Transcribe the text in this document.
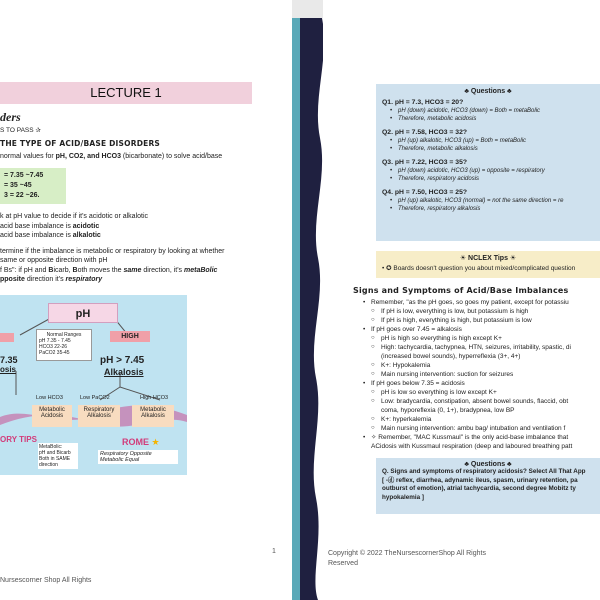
LECTURE 1
ders
S TO PASS ✰
THE TYPE OF ACID/BASE DISORDERS
normal values for pH, CO2, and HCO3 (bicarbonate) to solve acid/base
= 7.35 ~7.45
= 35 ~45
3 = 22 ~26.
k at pH value to decide if it's acidotic or alkalotic
acid base imbalance is acidotic
acid base imbalance is alkalotic
termine if the imbalance is metabolic or respiratory by looking at whether
same or opposite direction with pH
f Bs": if pH and Bicarb, Both moves the same direction, it's metaBolic
pposite direction it's respiratory
pH
HIGH
Normal Ranges
pH 7.35 - 7.45
HCO3 22-26
PaCO2 35-45
7.35
osis
pH > 7.45
Alkalosis
Low HCO3	Low PaCO2	High HCO3
Metabolic Acidosis
Respiratory Alkalosis
Metabolic Alkalosis
ORY TIPS
MetaBolic:
pH and Bicarb
Both in SAME
direction
ROME ★
Respiratory Opposite
Metabolic Equal
1
Nursescorner Shop All Rights
♣ Questions ♣
Q1. pH = 7.3, HCO3 = 20?
• pH (down) acidotic, HCO3 (down) = Both = metaBolic
• Therefore, metabolic acidosis
Q2. pH = 7.58, HCO3 = 32?
• pH (up) alkalotic, HCO3 (up) = Both = metaBolic
• Therefore, metabolic alkalosis
Q3. pH = 7.22, HCO3 = 35?
• pH (down) acidotic, HCO3 (up) = opposite = respiratory
• Therefore, respiratory acidosis
Q4. pH = 7.50, HCO3 = 25?
• pH (up) alkalotic, HCO3 (normal) = not the same direction = re
• Therefore, respiratory alkalosis
☀ NCLEX Tips ☀
• ✪ Boards doesn't question you about mixed/complicated question
Signs and Symptoms of Acid/Base Imbalances
• Remember, "as the pH goes, so goes my patient, except for potassiu
○ If pH is low, everything is low, but potassium is high
○ If pH is high, everything is high, but potassium is low
• If pH goes over 7.45 = alkalosis
○ pH is high so everything is high except K+
○ High: tachycardia, tachypnea, HTN, seizures, irritability, spastic, di
(increased bowel sounds), hyperreflexia (3+, 4+)
○ K+: Hypokalemia
○ Main nursing intervention: suction for seizures
• If pH goes below 7.35 = acidosis
○ pH is low so everything is low except K+
○ Low: bradycardia, constipation, absent bowel sounds, flaccid, obt
coma, hyporeflexia (0, 1+), bradypnea, low BP
○ K+: hyperkalemia
○ Main nursing intervention: ambu bag/ intubation and ventilation f
• ✧ Remember, "MAC Kussmaul" is the only acid-base imbalance that
ACidosis with Kussmaul respiration (deep and laboured breathing patt
♣ Questions ♣
Q. Signs and symptoms of respiratory acidosis? Select All That App
[ -ⓓ reflex, diarrhea, adynamic ileus, spasm, urinary retention, pa
outburst of emotion), atrial tachycardia, second degree Mobitz ty
hypokalemia ]
Copyright © 2022 TheNursescornerShop All Rights
Reserved
